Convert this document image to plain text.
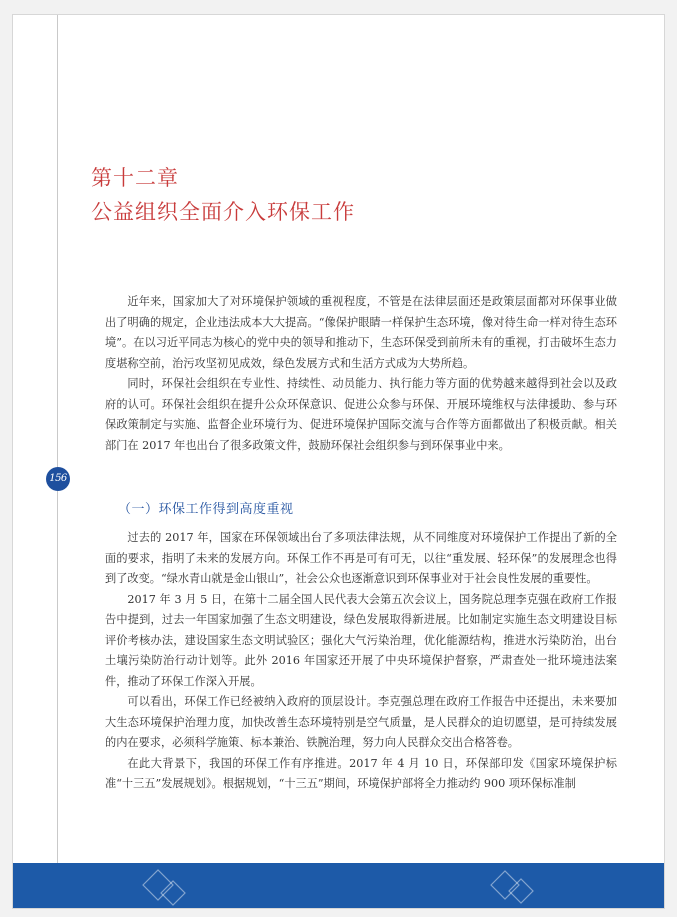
156
第十二章
公益组织全面介入环保工作

近年来，国家加大了对环境保护领域的重视程度，不管是在法律层面还是政策层面都对环保事业做出了明确的规定，企业违法成本大大提高。“像保护眼睛一样保护生态环境，像对待生命一样对待生态环境”。在以习近平同志为核心的党中央的领导和推动下，生态环保受到前所未有的重视，打击破坏生态力度堪称空前，治污攻坚初见成效，绿色发展方式和生活方式成为大势所趋。

同时，环保社会组织在专业性、持续性、动员能力、执行能力等方面的优势越来越得到社会以及政府的认可。环保社会组织在提升公众环保意识、促进公众参与环保、开展环境维权与法律援助、参与环保政策制定与实施、监督企业环境行为、促进环境保护国际交流与合作等方面都做出了积极贡献。相关部门在 2017 年也出台了很多政策文件，鼓励环保社会组织参与到环保事业中来。

（一）环保工作得到高度重视

过去的 2017 年，国家在环保领域出台了多项法律法规，从不同维度对环境保护工作提出了新的全面的要求，指明了未来的发展方向。环保工作不再是可有可无，以往“重发展、轻环保”的发展理念也得到了改变。“绿水青山就是金山银山”，社会公众也逐渐意识到环保事业对于社会良性发展的重要性。

2017 年 3 月 5 日，在第十二届全国人民代表大会第五次会议上，国务院总理李克强在政府工作报告中提到，过去一年国家加强了生态文明建设，绿色发展取得新进展。比如制定实施生态文明建设目标评价考核办法，建设国家生态文明试验区；强化大气污染治理，优化能源结构，推进水污染防治，出台土壤污染防治行动计划等。此外 2016 年国家还开展了中央环境保护督察，严肃查处一批环境违法案件，推动了环保工作深入开展。

可以看出，环保工作已经被纳入政府的顶层设计。李克强总理在政府工作报告中还提出，未来要加大生态环境保护治理力度，加快改善生态环境特别是空气质量，是人民群众的迫切愿望，是可持续发展的内在要求，必须科学施策、标本兼治、铁腕治理，努力向人民群众交出合格答卷。

在此大背景下，我国的环保工作有序推进。2017 年 4 月 10 日，环保部印发《国家环境保护标准“十三五”发展规划》。根据规划，“十三五”期间，环境保护部将全力推动约 900 项环保标准制
